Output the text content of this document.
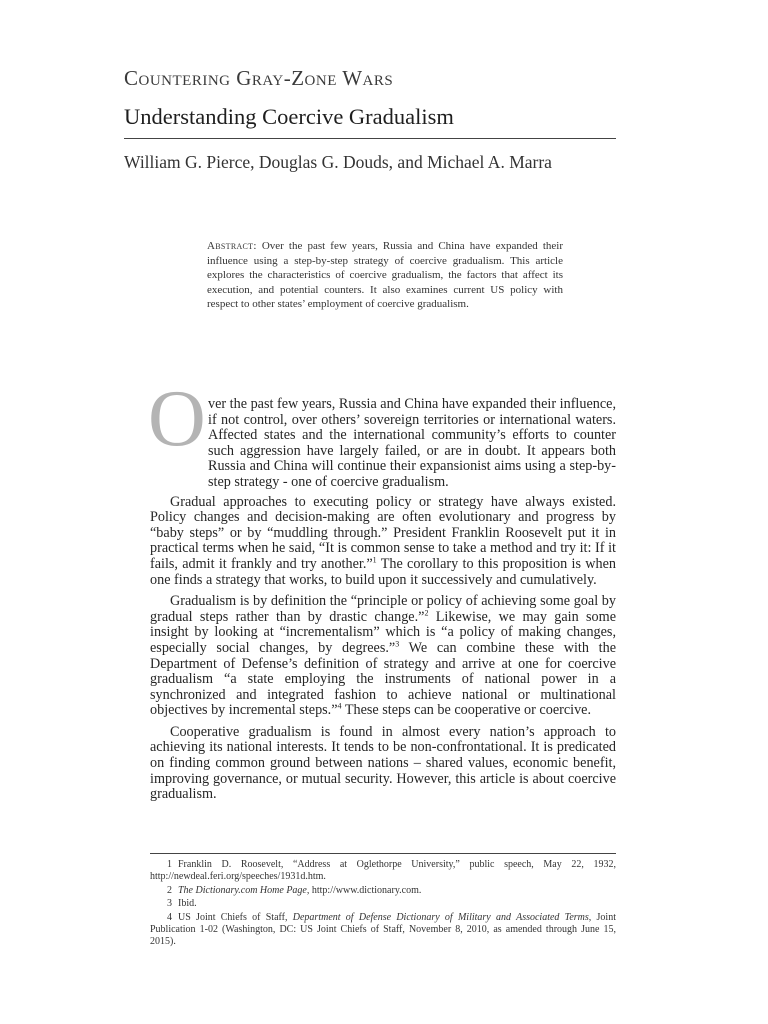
Countering Gray-Zone Wars
Understanding Coercive Gradualism
William G. Pierce, Douglas G. Douds, and Michael A. Marra
Abstract: Over the past few years, Russia and China have expanded their influence using a step-by-step strategy of coercive gradualism. This article explores the characteristics of coercive gradualism, the factors that affect its execution, and potential counters. It also examines current US policy with respect to other states’ employment of coercive gradualism.
O ver the past few years, Russia and China have expanded their influence, if not control, over others’ sovereign territories or international waters. Affected states and the international community’s efforts to counter such aggression have largely failed, or are in doubt. It appears both Russia and China will continue their expansionist aims using a step-by-step strategy - one of coercive gradualism.

Gradual approaches to executing policy or strategy have always existed. Policy changes and decision-making are often evolutionary and progress by “baby steps” or by “muddling through.” President Franklin Roosevelt put it in practical terms when he said, “It is common sense to take a method and try it: If it fails, admit it frankly and try another.”$^1$ The corollary to this proposition is when one finds a strategy that works, to build upon it successively and cumulatively.

Gradualism is by definition the “principle or policy of achieving some goal by gradual steps rather than by drastic change.”$^2$ Likewise, we may gain some insight by looking at “incrementalism” which is “a policy of making changes, especially social changes, by degrees.”$^3$ We can combine these with the Department of Defense’s definition of strategy and arrive at one for coercive gradualism “a state employing the instruments of national power in a synchronized and integrated fashion to achieve national or multinational objectives by incremental steps.”$^4$ These steps can be cooperative or coercive.

Cooperative gradualism is found in almost every nation’s approach to achieving its national interests. It tends to be non-confrontational. It is predicated on finding common ground between nations – shared values, economic benefit, improving governance, or mutual security. However, this article is about coercive gradualism.

1 Franklin D. Roosevelt, “Address at Oglethorpe University,” public speech, May 22, 1932, http://newdeal.feri.org/speeches/1931d.htm.

2 The Dictionary.com Home Page, http://www.dictionary.com.

3 Ibid.

4 US Joint Chiefs of Staff, Department of Defense Dictionary of Military and Associated Terms, Joint Publication 1-02 (Washington, DC: US Joint Chiefs of Staff, November 8, 2010, as amended through June 15, 2015).
